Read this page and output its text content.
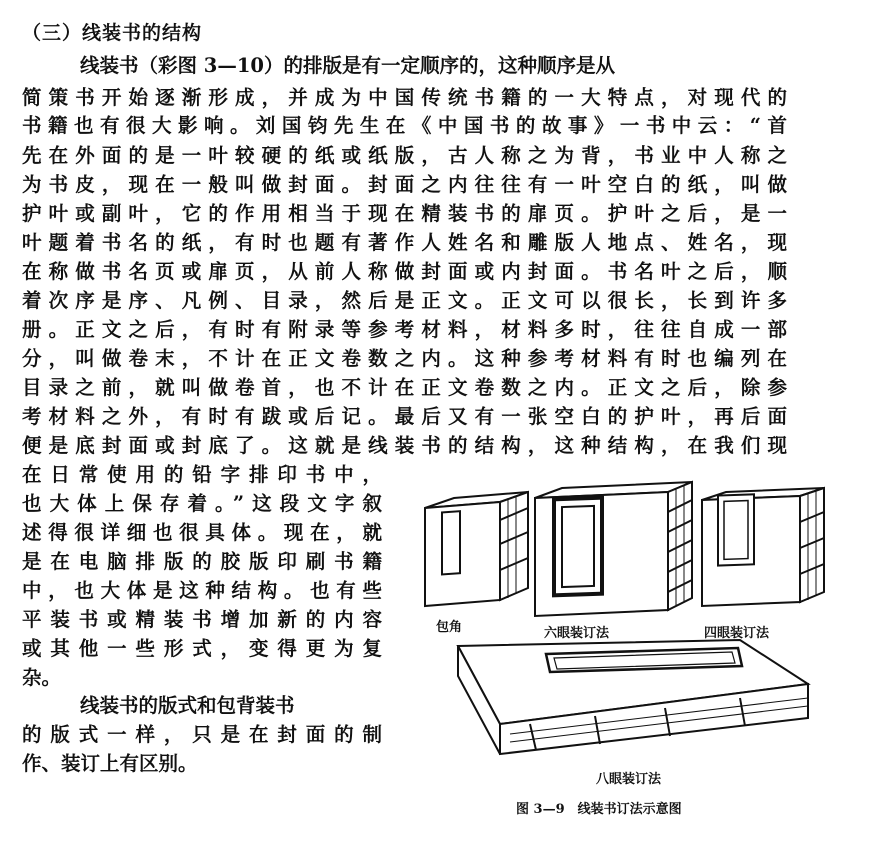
（三）线装书的结构
线装书（彩图 3—10）的排版是有一定顺序的，这种顺序是从
简策书开始逐渐形成，并成为中国传统书籍的一大特点，对现代的
书籍也有很大影响。刘国钧先生在《中国书的故事》一书中云：“首
先在外面的是一叶较硬的纸或纸版，古人称之为背，书业中人称之
为书皮，现在一般叫做封面。封面之内往往有一叶空白的纸，叫做
护叶或副叶，它的作用相当于现在精装书的扉页。护叶之后，是一
叶题着书名的纸，有时也题有著作人姓名和雕版人地点、姓名，现
在称做书名页或扉页，从前人称做封面或内封面。书名叶之后，顺
着次序是序、凡例、目录，然后是正文。正文可以很长，长到许多
册。正文之后，有时有附录等参考材料，材料多时，往往自成一部
分，叫做卷末，不计在正文卷数之内。这种参考材料有时也编列在
目录之前，就叫做卷首，也不计在正文卷数之内。正文之后，除参
考材料之外，有时有跋或后记。最后又有一张空白的护叶，再后面
便是底封面或封底了。这就是线装书的结构，这种结构，在我们现
在日常使用的铅字排印书中，
也大体上保存着。”这段文字叙
述得很详细也很具体。现在，就
是在电脑排版的胶版印刷书籍
中，也大体是这种结构。也有些
平装书或精装书增加新的内容
或其他一些形式，变得更为复
杂。
线装书的版式和包背装书
的版式一样，只是在封面的制
作、装订上有区别。
包角	六眼装订法	四眼装订法
八眼装订法
图 3—9　线装书订法示意图
